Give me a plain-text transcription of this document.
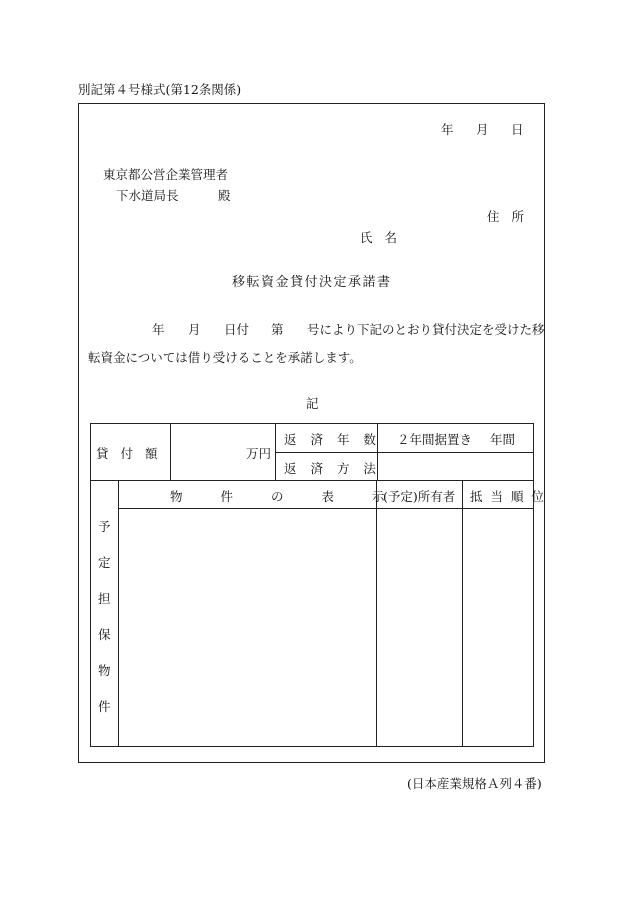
別記第４号様式(第12条関係)
年 月 日
東京都公営企業管理者
下水道局長	殿
住 所
氏 名
移転資金貸付決定承諾書
年 月 日付 第 号により下記のとおり貸付決定を受けた移
転資金については借り受けることを承諾します。
記
貸 付 額	万円
返 済 年 数 ２年間据置き 年間
返 済 方 法
物 件 の 表 示
(予定)所有者 抵 当 順 位
予
定
担
保
物
件
(日本産業規格Ａ列４番)
